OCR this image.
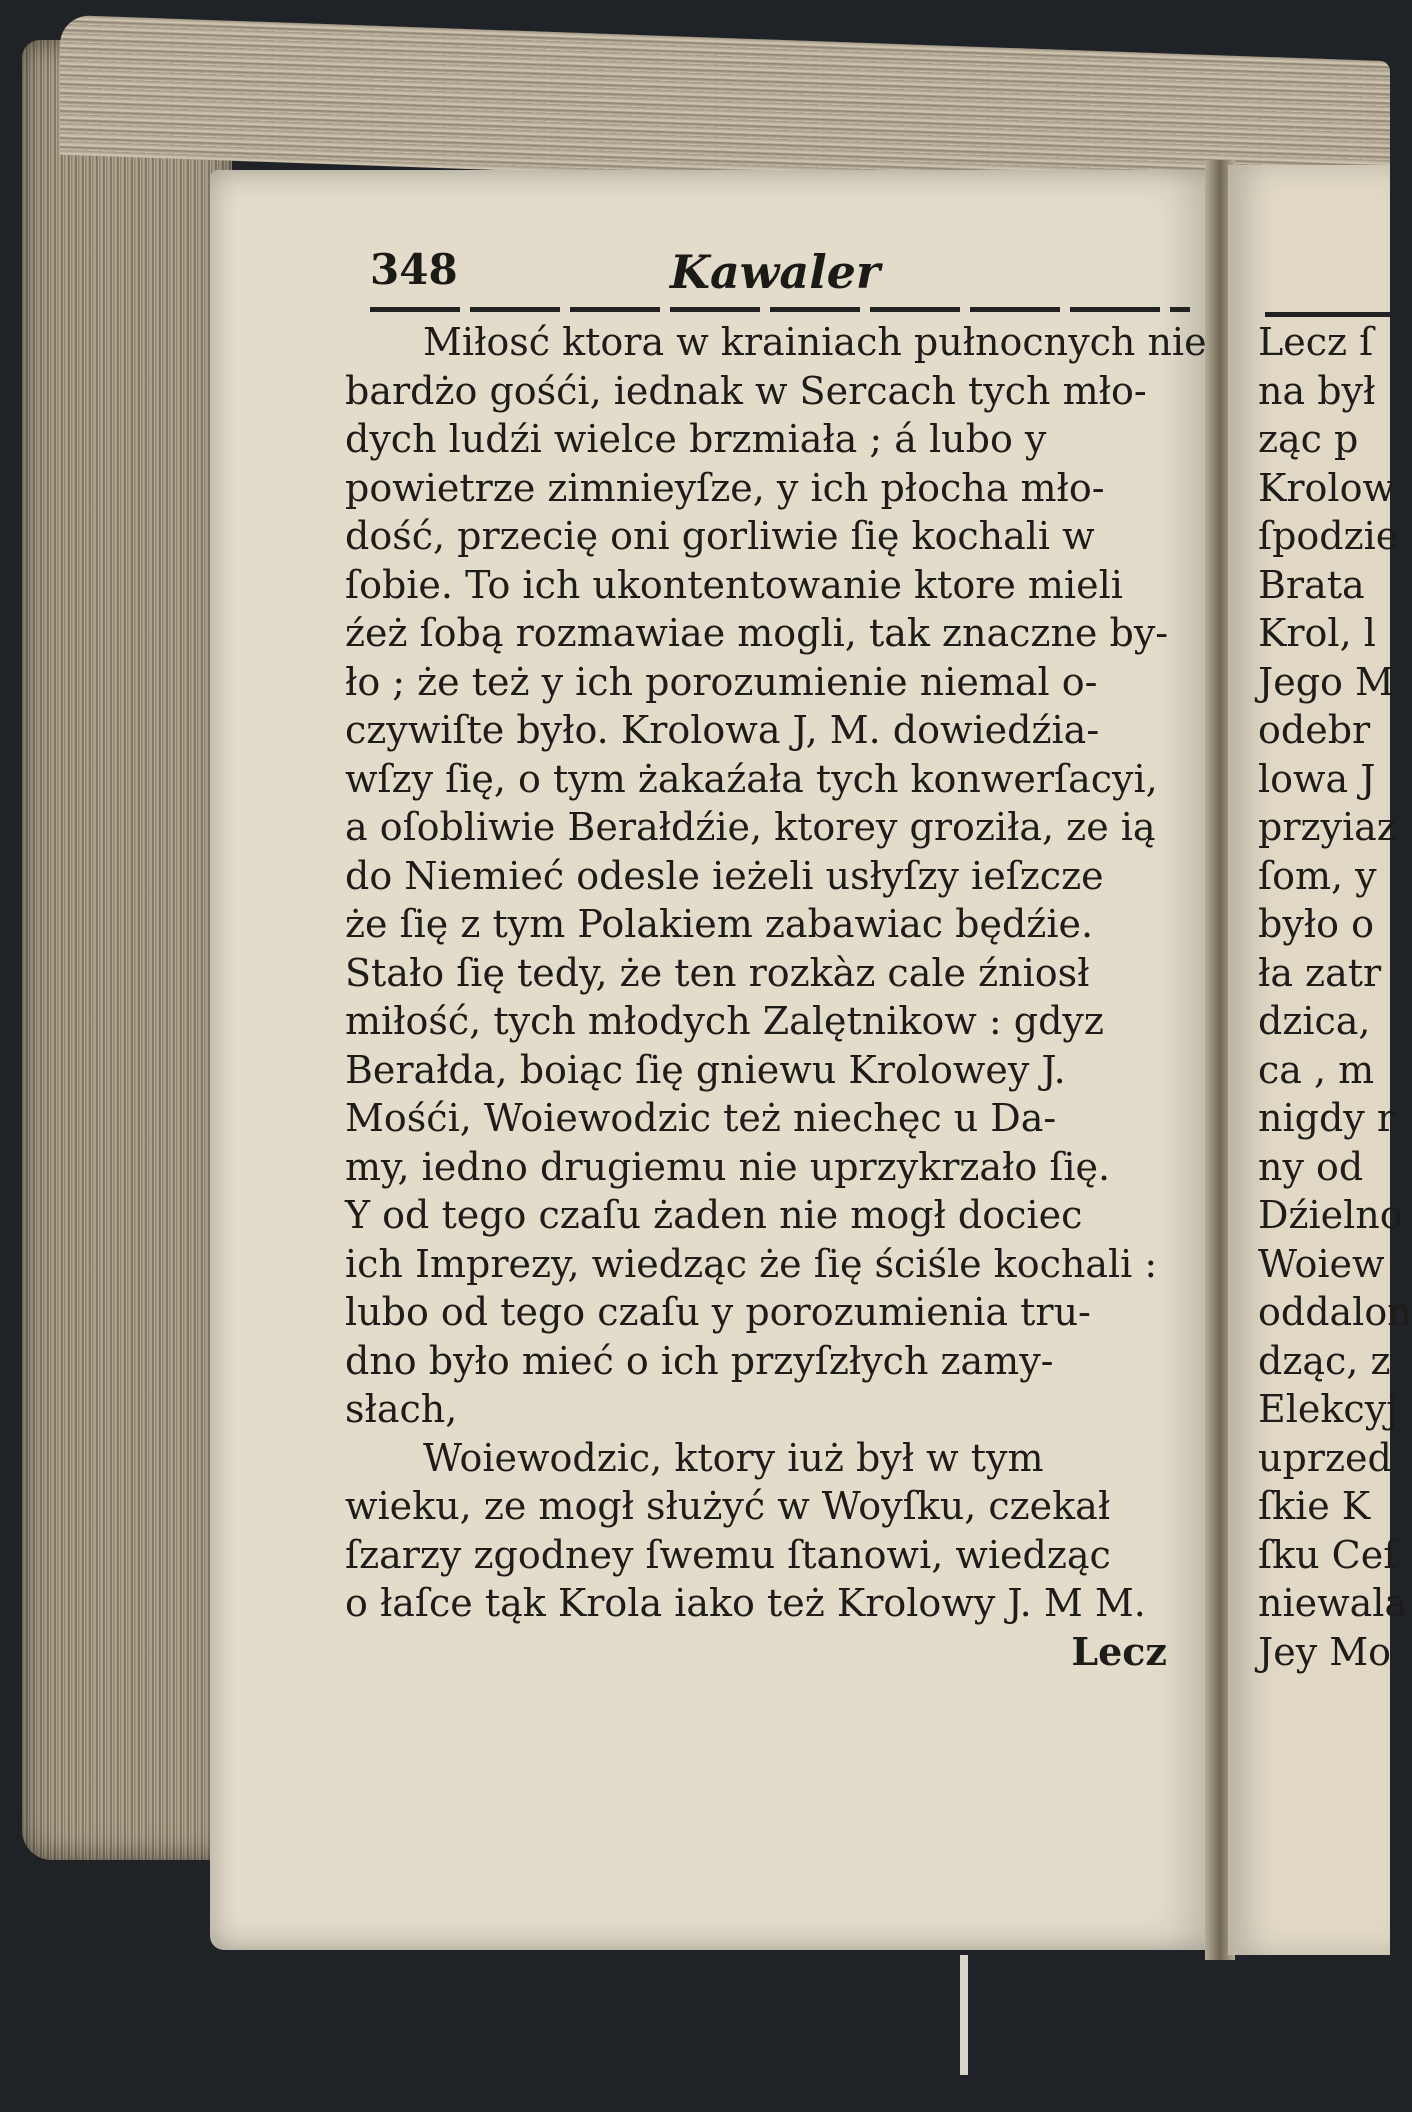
348	Kawaler
Miłosć ktora w krainiach pułnocnych nie
bardżo gośći, iednak w Sercach tych mło-
dych ludźi wielce brzmiała ; á lubo y
powietrze zimnieyſze, y ich płocha mło-
dość, przecię oni gorliwie ſię kochali w
ſobie. To ich ukontentowanie ktore mieli
źeż ſobą rozmawiae mogli, tak znaczne by-
ło ; że też y ich porozumienie niemal o-
czywiſte było. Krolowa J, M. dowiedźia-
wſzy ſię, o tym żakaźała tych konwerſacyi,
a oſobliwie Berałdźie, ktorey groziła, ze ią
do Niemieć odesle ieżeli usłyſzy ieſzcze
że ſię z tym Polakiem zabawiac będźie.
Stało ſię tedy, że ten rozkàz cale źniosł
miłość, tych młodych Zalętnikow : gdyz
Berałda, boiąc ſię gniewu Krolowey J.
Mośći, Woiewodzic też niechęc u Da-
my, iedno drugiemu nie uprzykrzało ſię.
Y od tego czaſu żaden nie mogł dociec
ich Imprezy, wiedząc że ſię ściśle kochali :
lubo od tego czaſu y porozumienia tru-
dno było mieć o ich przyſzłych zamy-
słach,
Woiewodzic, ktory iuż był w tym
wieku, ze mogł służyć w Woyſku, czekał
ſzarzy zgodney ſwemu ſtanowi, wiedząc
o łaſce tąk Krola iako też Krolowy J. M M.
Lecz
Lecz ſ
na był
ząc p
Krolow
ſpodzie
Brata
Krol, l
Jego M
odebr
lowa J
przyiaz
ſom, y
było o
ła zatr
dzica,
ca , m
nigdy r
ny od
Dźielno
Woiew
oddalon
dząc, z
Elekcyj
uprzed
ſkie K
ſku Ceſ
niewala
Jey Mo
